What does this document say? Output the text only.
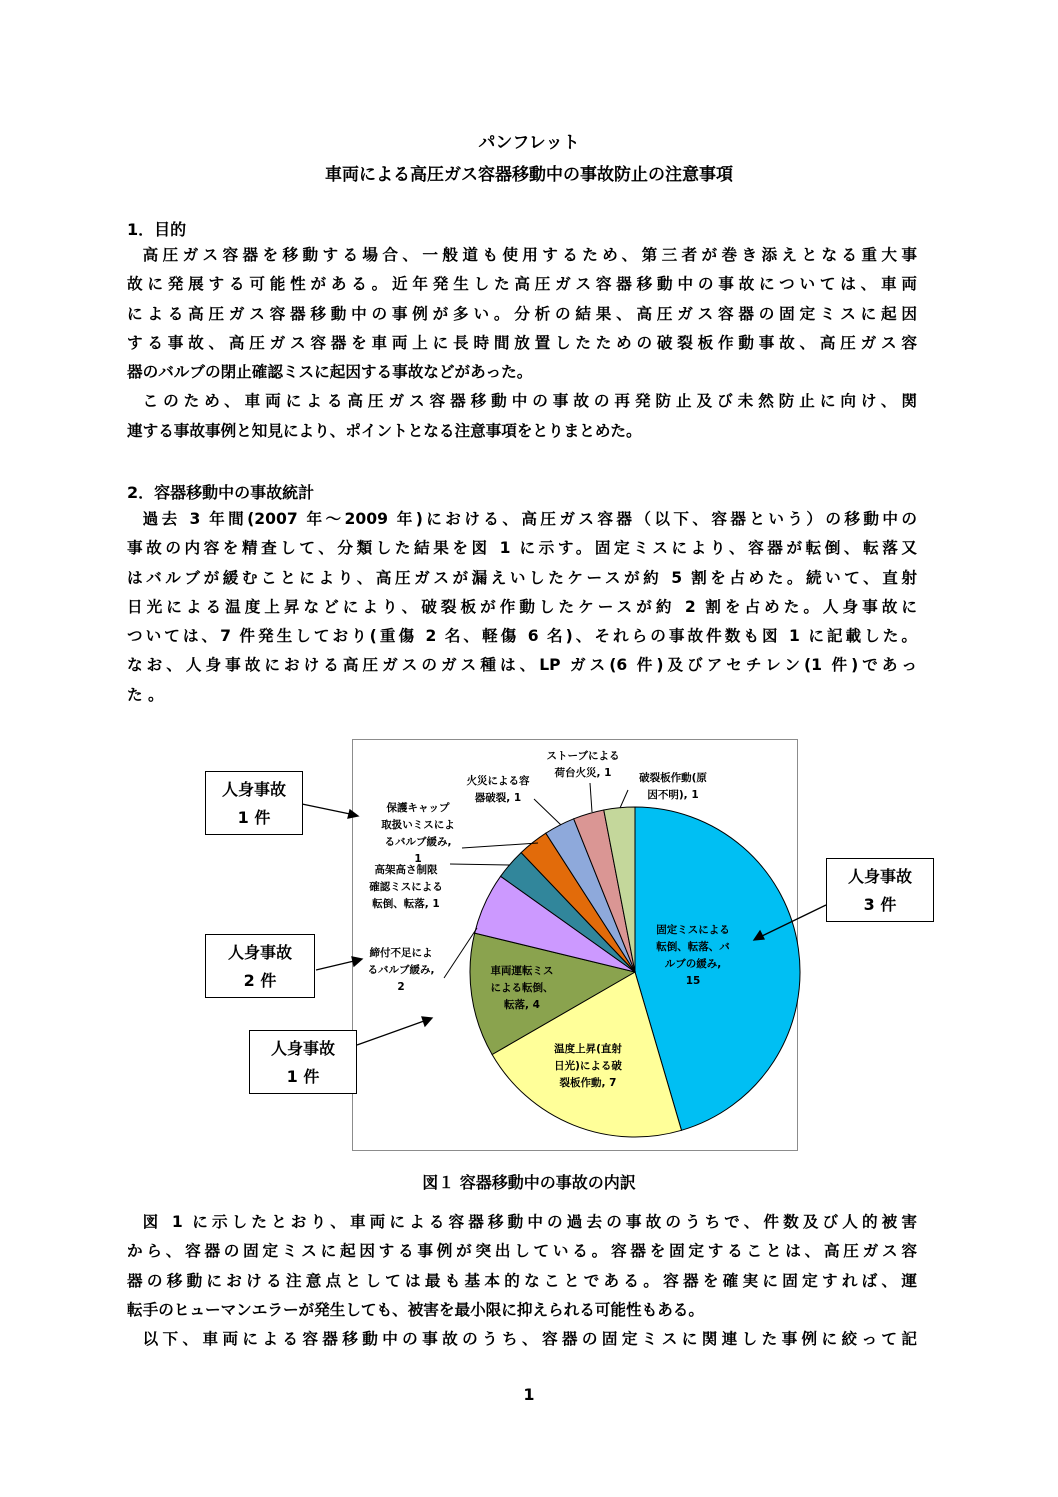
パンフレット
車両による高圧ガス容器移動中の事故防止の注意事項
1．目的

高圧ガス容器を移動する場合、一般道も使用するため、第三者が巻き添えとなる重大事
故に発展する可能性がある。近年発生した高圧ガス容器移動中の事故については、車両
による高圧ガス容器移動中の事例が多い。分析の結果、高圧ガス容器の固定ミスに起因
する事故、高圧ガス容器を車両上に長時間放置したための破裂板作動事故、高圧ガス容
器のバルブの閉止確認ミスに起因する事故などがあった。
このため、車両による高圧ガス容器移動中の事故の再発防止及び未然防止に向け、関
連する事故事例と知見により、ポイントとなる注意事項をとりまとめた。

2．容器移動中の事故統計

過去 3 年間(2007 年～2009 年)における、高圧ガス容器（以下、容器という）の移動中の
事故の内容を精査して、分類した結果を図 1 に示す。固定ミスにより、容器が転倒、転落又
はバルブが緩むことにより、高圧ガスが漏えいしたケースが約 5 割を占めた。続いて、直射
日光による温度上昇などにより、破裂板が作動したケースが約 2 割を占めた。人身事故に
ついては、7 件発生しており(重傷 2 名、軽傷 6 名)、それらの事故件数も図 1 に記載した。
なお、人身事故における高圧ガスのガス種は、LP ガス(6 件)及びアセチレン(1 件)であっ
た 。

固定ミスによる転倒、転落、バルブの緩み, 15
温度上昇(直射日光)による破裂板作動, 7
車両運転ミスによる転倒、転落, 4
締付不足によるバルブ緩み, 2
高架高さ制限確認ミスによる転倒、転落, 1
保護キャップ取扱いミスによるバルブ緩み, 1
火災による容器破裂, 1
ストーブによる荷台火災, 1	破裂板作動(原因不明), 1
人身事故
1 件
人身事故
2 件
人身事故
1 件
人身事故
3 件
図１ 容器移動中の事故の内訳

図 1 に示したとおり、車両による容器移動中の過去の事故のうちで、件数及び人的被害
から、容器の固定ミスに起因する事例が突出している。容器を固定することは、高圧ガス容
器の移動における注意点としては最も基本的なことである。容器を確実に固定すれば、運
転手のヒューマンエラーが発生しても、被害を最小限に抑えられる可能性もある。
以下、車両による容器移動中の事故のうち、容器の固定ミスに関連した事例に絞って記

1
